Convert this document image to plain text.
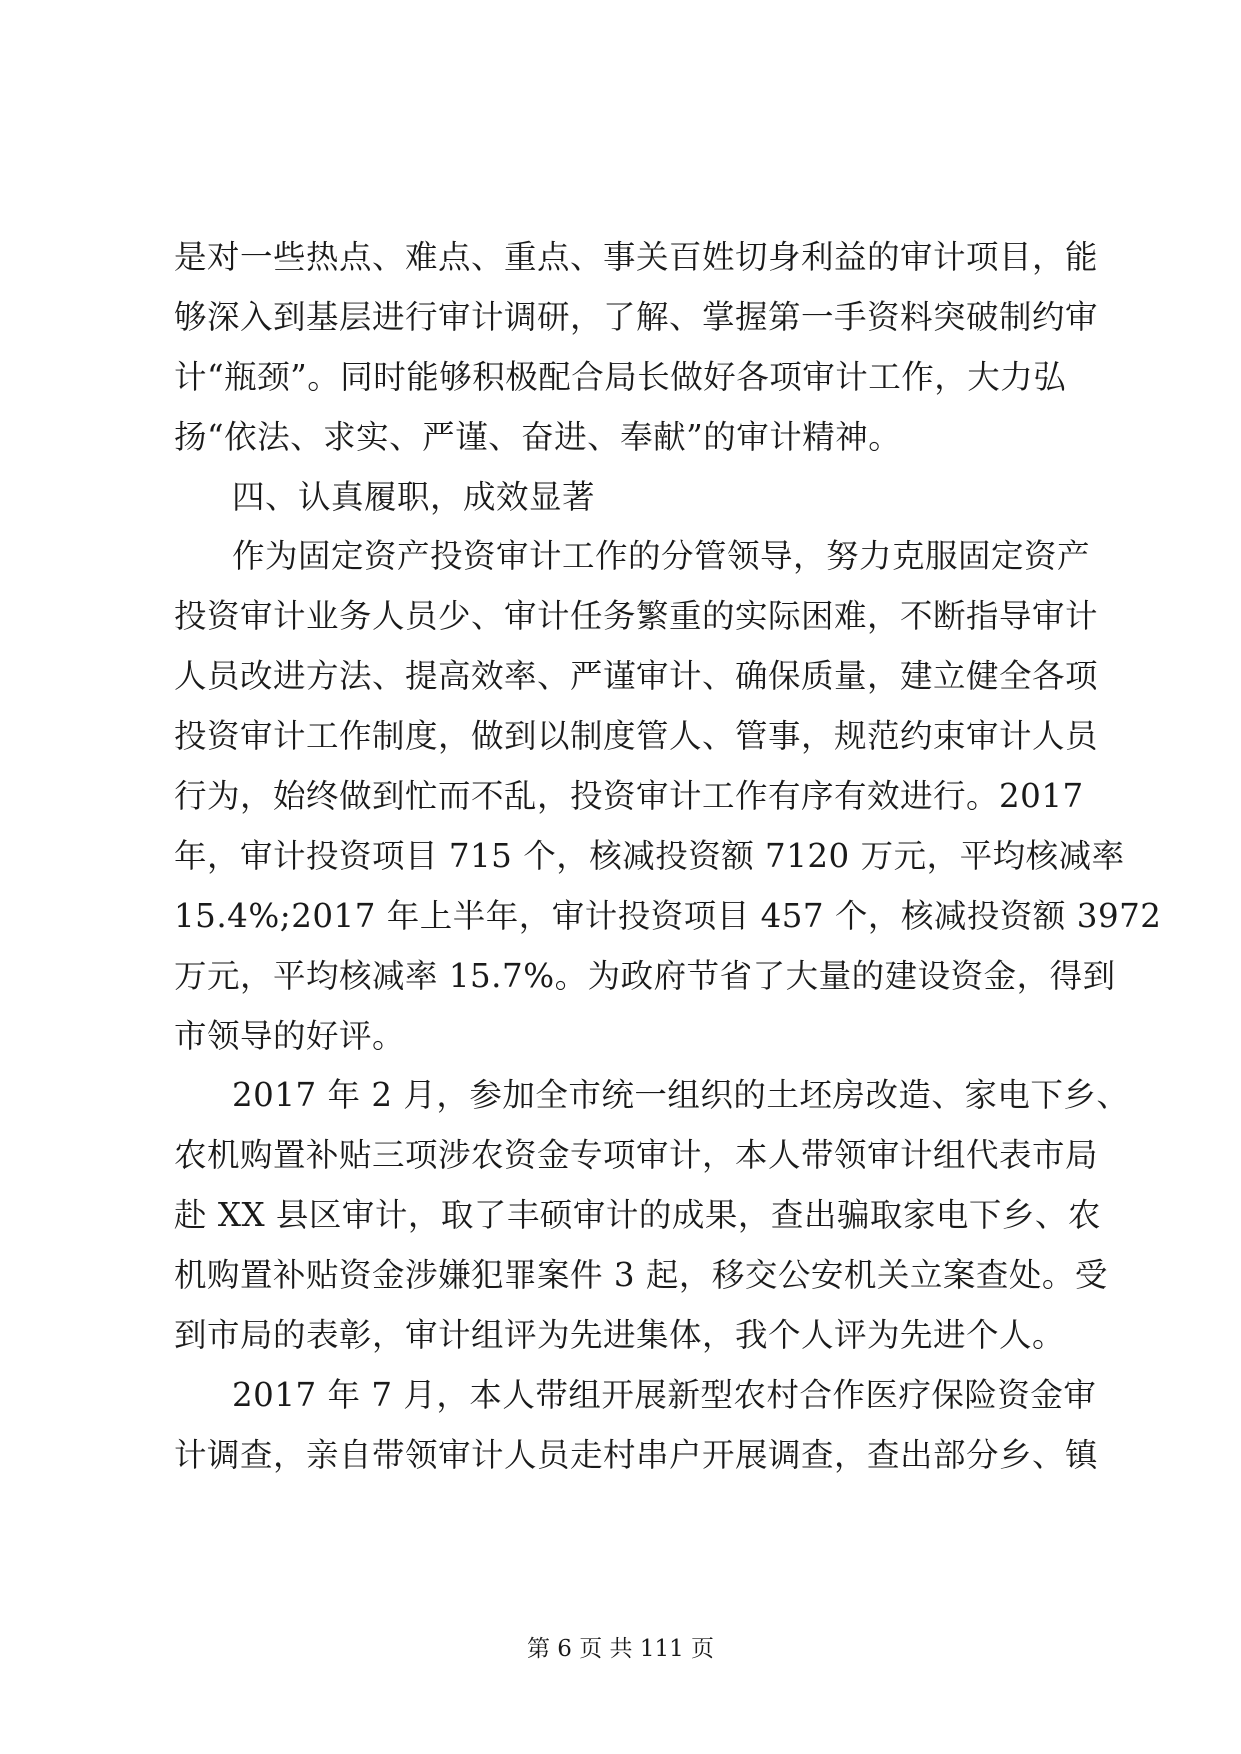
是对一些热点、难点、重点、事关百姓切身利益的审计项目，能
够深入到基层进行审计调研，了解、掌握第一手资料突破制约审
计“瓶颈”。同时能够积极配合局长做好各项审计工作，大力弘
扬“依法、求实、严谨、奋进、奉献”的审计精神。
四、认真履职，成效显著
作为固定资产投资审计工作的分管领导，努力克服固定资产
投资审计业务人员少、审计任务繁重的实际困难，不断指导审计
人员改进方法、提高效率、严谨审计、确保质量，建立健全各项
投资审计工作制度，做到以制度管人、管事，规范约束审计人员
行为，始终做到忙而不乱，投资审计工作有序有效进行。2017
年，审计投资项目 715 个，核减投资额 7120 万元，平均核减率
15.4%;2017 年上半年，审计投资项目 457 个，核减投资额 3972
万元，平均核减率 15.7%。为政府节省了大量的建设资金，得到
市领导的好评。
2017 年 2 月，参加全市统一组织的土坯房改造、家电下乡、
农机购置补贴三项涉农资金专项审计，本人带领审计组代表市局
赴 XX 县区审计，取了丰硕审计的成果，查出骗取家电下乡、农
机购置补贴资金涉嫌犯罪案件 3 起，移交公安机关立案查处。受
到市局的表彰，审计组评为先进集体，我个人评为先进个人。
2017 年 7 月，本人带组开展新型农村合作医疗保险资金审
计调查，亲自带领审计人员走村串户开展调查，查出部分乡、镇
第 6 页 共 111 页
